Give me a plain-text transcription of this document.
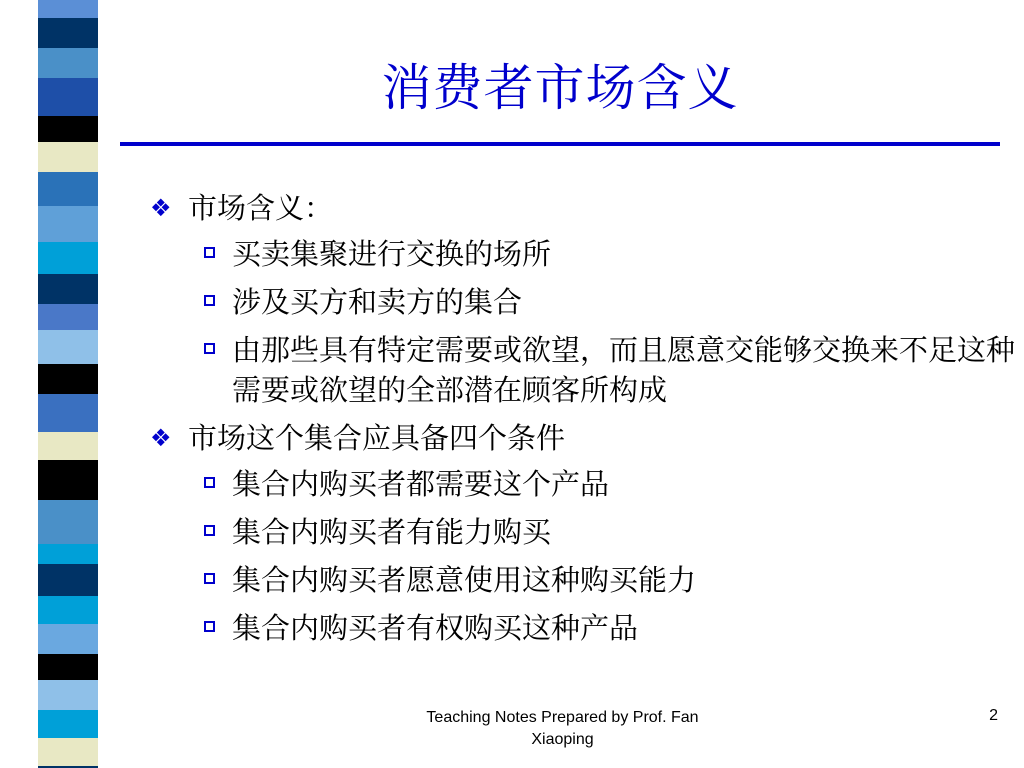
消费者市场含义
❖ 市场含义：
买卖集聚进行交换的场所
涉及买方和卖方的集合
由那些具有特定需要或欲望，而且愿意交能够交换来不足这种需要或欲望的全部潜在顾客所构成
❖ 市场这个集合应具备四个条件
集合内购买者都需要这个产品
集合内购买者有能力购买
集合内购买者愿意使用这种购买能力
集合内购买者有权购买这种产品
Teaching Notes Prepared by Prof. Fan Xiaoping
2
